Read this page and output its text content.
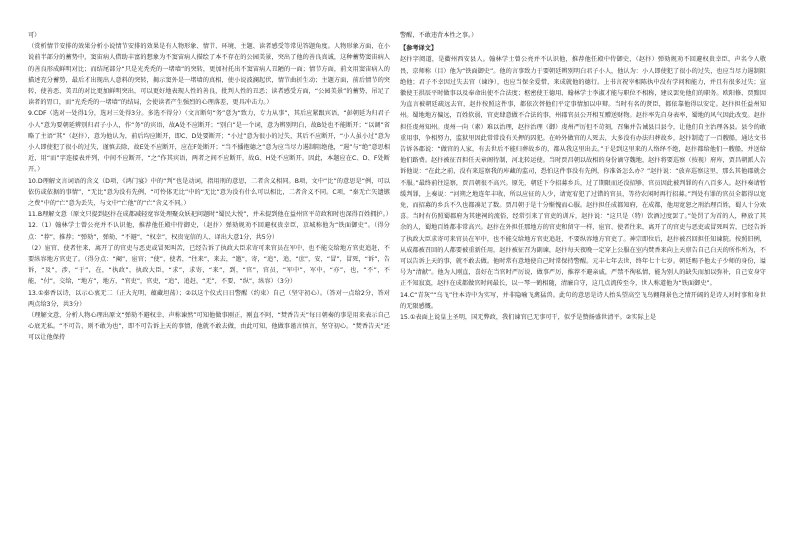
可）

（赏析情节安排的效果分析小说情节安排的效果是有人物形象、情节、环境、主题、读者感受等常见答题角度。人物形象方面，在小说前半部分的蓄势中，窦宙病人借助丰富的想象为不窦宙病人描绘了本不存在的公园美景，突出了他的善良真诚，这种蓄势窦宙病人的善良形成鲜明对比；而结尾部分“只是光秃秃的一堵墙”的突转，更加衬托出不窦宙病人丑陋的一面；情节方面，前文用窦宙病人的描述充分蓄势，最后才出现出人意料的突转，揭示窦外是一堵墙的真相，使小说波澜起伏，情节曲折生动；主题方面，前后情节的突转，使善恶、美丑的对比更加鲜明突出，可以更好地表现人性的善良，批判人性的丑恶；读者感受方面，“公园美景”的蓄势，吊足了读者的胃口，而“光秃秃的一堵墙”的结局，会使读者产生强烈的心理落差，更具冲击力。）

9.CDF（选对一处得1分，选对三处得3分。多选不得分）（文言断句“务”意为“致力，专力从事”，其后应紧跟宾语，“彭朝延为归君子小人”意为要朝延辨别归君子小人，作“务”的宾语，故A处不应断开；“别白”是一个词，意为辨别明白，故B处也不能断开；“以调”省略了主语“其”（赵抃），意为他认为，前后均应断开，即C、D处要断开；“小过”意为很小的过失，其后不应断开，“小人虽小过”意为小人即使犯了很小的过失，谨慎去除，故E处不应断开，应在F处断开；“当不播抱德之”意为应当尽力遏制阻绝他，“遏”与“绝”意思相近，用“而”字连接表并列，中间不应断开，“之”作其宾语，两者之间不应断开，故G、H处不应断开。因此，本题应在C、D、F处断开。）

10.D理解文言词语的含义（D项，《鸿门宴》中的“判”也是动词，指用刑的意思，二者含义相同。B项，文中“比”的意思是“例，可以依仿或依据的事情”，“无比”意为没有先例，“可怜体无比”中的“无比”意为没有什么可以相比，二者含义不同。C项，“秦无亡矢遗镞之费”中的“亡”意为丢失，与文中“亡他”的“亡”含义不同。）

11.B理解文意（原文只提到赵抃在成都减轻宽容处理聚众妖祀问题时“蜀民大悦”，并未提到他在益州官平苛政和时也深得百姓拥护。）

12.（1）翰林学士曾公亮并不认识他，推荐他任殿中侍御史，（赵抃）弹劾规劝不回避权贵幸臣，京城称他为“铁面御史”。（得分点：“荐”，推荐；“弹劾”，弹劾，“不避”，“权幸”，权贵宠信的人、译出大意1分，共5分）

（2）宦官、使者往来，离开了的官吏与恶吏或冒死叫苦，已经告诉了执政大臣求寄可来官员在军中，也不能交给地方官吏追赶，不要纵容地方官吏了。（得分点：“阉”，宦官；“使”，使者，“往来”，来去，“邀”，寄，“追”，追，“庶”，安，“冒”，冒死，“诉”，告诉，“及”，涉，“于”，在，“执政”，执政大臣，“求”，求寄，“来”，到，“官”，官员，“军中”，军中，“亦”，也，“不”，不能，“付”，交给，“地方”，地方，“官吏”，官吏，“追”，追赶，“无”，不要，“纵”，纵容）（3分）

13.①秦香以诗，以示心衷无二（正大光明、蕴藏坦荡）；②以这个仪式日日警醒（约束）自己（坚守初心）。（答对一点给2分，答对两点给3分，共3分）

（理解文意，分析人物心理出原文“弹劾不避权幸，声称谏然”可知他做事刚正，刚直不阿，“焚香告天”每日朝奏的事是用来表示自己心底无私。“不可告，则不敢为也”，即不可告诉上天的事情，他就不敢去做，由此可知，他做事谨言慎言，坚守初心。“焚香告天”还可以让他保持

警醒，不敢违背本性之事。）

【参考译文】

赵抃字阅道，是衢州西安县人。翰林学士曾公亮并不认识他，推荐他任殿中侍御史，（赵抃）弹劾规劝不回避权贵幸臣，声名令人敬畏，京师称（目）他为“铁面御史”。他的言事致力于要朝廷辨别明白君子小人，他认为：小人即使犯了很小的过失，也应当尽力遏制阻绝他；君子不幸因过失去官（谏诤），也应当保全爱惜，来成就他的德行。上书言祝宰相陈执中没有学问和能力，并且有很多过失；宣徽使王拱辰平时做事以及奉命出使不合法度；枢密使王德用、翰林学士李淑才能与职位不相称，建议罢免他们的职务。欧阳修、贾黯因为直言被朝廷疏远去官，赵抃按照这件事，都依次替他们平定事情加以申辩。当时有名的贤臣，都依靠他得以安定。赵抃担任益州知州。蜀地地方偏远，百姓软弱，官吏肆意做不合法的事，州郡官员公开相互赠送财物。赵抃率先自身表率，蜀地的风气因此改变。赵抃担任虔州知州。虔州一向（素）难以治理，赵抃治理（御）虔州严厉但不苛刻，召集并告诫县目县令，让他们自主治理各县。县令的敢重用事，争相努力，监狱里因此常常没有关押的囚犯。在岭外做官的人死去，大多没有办法归葬故乡，赵抃制造了一百艘船，通达文书告诉各郡说：“做官的人家，有去世后不能归葬故乡的，都从我这里出去。”于是到这里来的人络绎不绝，赵抃都给他们一艘船，并送给他们路费。赵抃被征召担任天章阁待制，河北转运使。当时贾昌朝以故相的身份谪守魏地，赵抃将要巡察（按视）府库，贾昌朝派人告诉他说：“在此之前，没有来巡察我的库藏的监司，恐怕这件事没有先例，你准备怎么办？”赵抃说：“放弃巡察这里，那么其他郡就会不服。”最终前往巡察，贾昌朝很不高兴。原先，朝廷下令招募乡兵，过了期限而还没招够，官员因此被判罪的有八百多人。赵抃奏请暂缓判罪，上奏说：“河朔之地连年丰收，所以应征的人少，请宽宥犯了过错的官员，等待农闲时再行招募。”判处有罪的官员全都得以宽免，而招募的乡兵不久也都凑足了数。贾昌朝于是十分惭愧而心服。赵抃担任成都知府，在成都，他用宽恕之刑治理百姓，蜀人十分欢喜。当时有仿照蜀郡府为其建祠的流俗，经常引来了官吏的训斥，赵抃说：“这只是（特）饮酒过度罢了。”处罚了为首的人，释放了其余的人，蜀地百姓都非常高兴。赵抃在外担任那地方的官吏和留守一样，宦官、使者往来，离开了的官吏与恶吏或冒死叫苦，已经告诉了执政大臣求寄可来官员在军中，也不能交给地方官吏追赶，不要纵容地方官吏了。神宗即位后，赵抃被召回担任知谏院。按照旧例，从成都被召回的人都要被重新任用，赵抃被征召为副谏，赵抃每天夜晚一定穿上公服在室内焚香来向上天禀告自己白天的所作所为，不可以告诉上天的事，就不敢去做。他时常有意地使自己时常保持警醒。元丰七年去世，终年七十七岁。朝廷赐予他太子少师的身份，谥号为“清献”。他为人刚直，喜好在当官时严厉说，做事严厉，推荐不避亲戚，严禁不徇私情，能为别人的缺失而加以弥补，自己安身守正不知寂寞，赵抃在成都做官时间最长，以一琴一鹤相随，清廉自守，这几点流传至今，世人称道他为“铁面御史”。

14.C“青灰”“乌飞”往本诗中为实写，并非隐喻飞禽猛兽。此句的意思是诗人抬头望高空飞鸟翱翔景色之情开阔的是诗人对时事和身世的无限感慨。

15.①表面上说皇上圣明，国无弊政，我们谏官已无事可干，似乎是赞扬盛世清平。②实际上是
